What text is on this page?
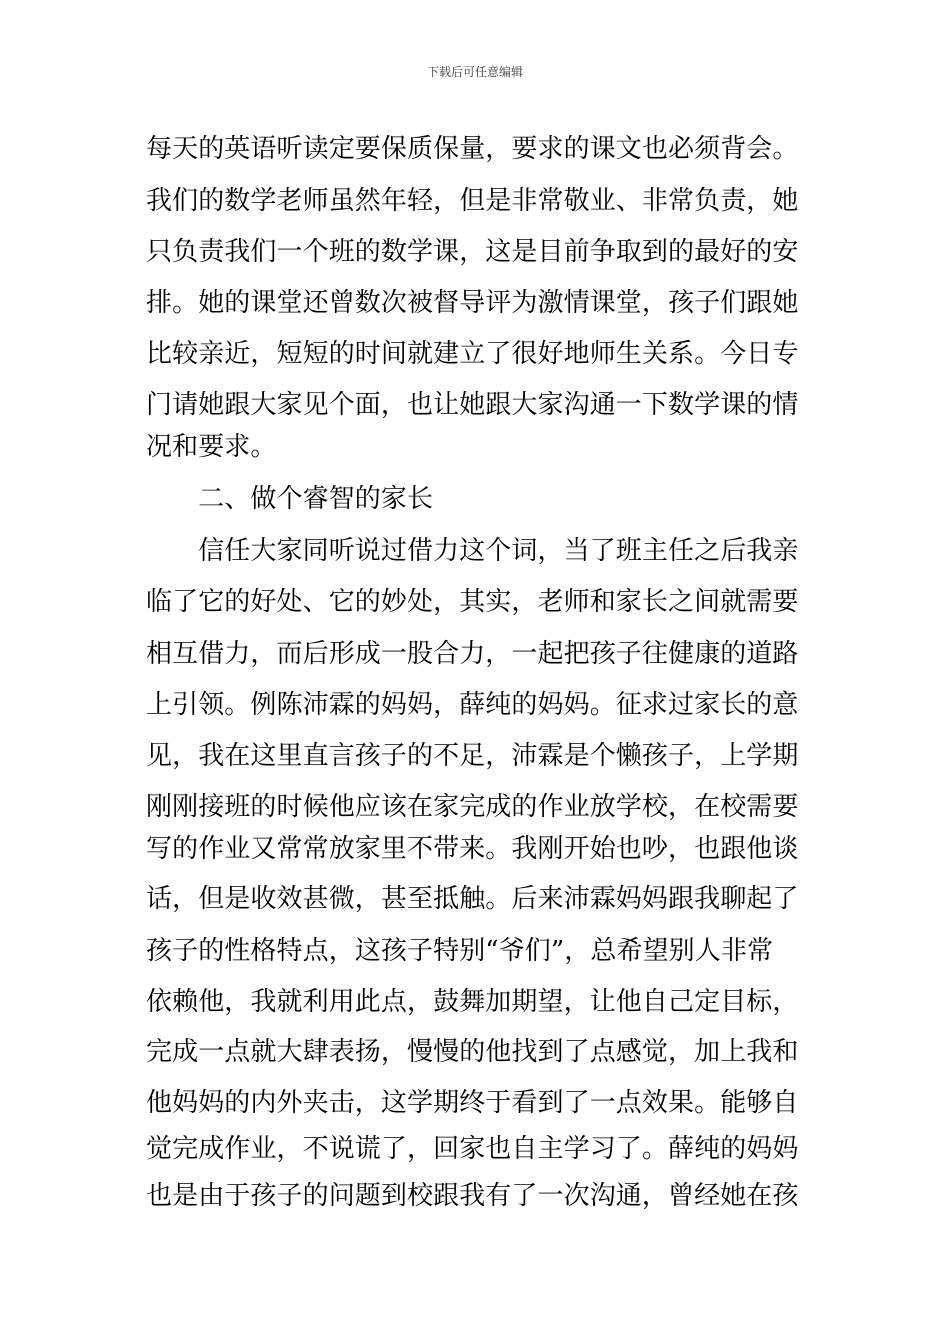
下载后可任意编辑
每天的英语听读定要保质保量，要求的课文也必须背会。
我们的数学老师虽然年轻，但是非常敬业、非常负责，她
只负责我们一个班的数学课，这是目前争取到的最好的安
排。她的课堂还曾数次被督导评为激情课堂，孩子们跟她
比较亲近，短短的时间就建立了很好地师生关系。今日专
门请她跟大家见个面，也让她跟大家沟通一下数学课的情
况和要求。
　　二、做个睿智的家长
　　信任大家同听说过借力这个词，当了班主任之后我亲
临了它的好处、它的妙处，其实，老师和家长之间就需要
相互借力，而后形成一股合力，一起把孩子往健康的道路
上引领。例陈沛霖的妈妈，薛纯的妈妈。征求过家长的意
见，我在这里直言孩子的不足，沛霖是个懒孩子，上学期
刚刚接班的时候他应该在家完成的作业放学校，在校需要
写的作业又常常放家里不带来。我刚开始也吵，也跟他谈
话，但是收效甚微，甚至抵触。后来沛霖妈妈跟我聊起了
孩子的性格特点，这孩子特别“爷们”，总希望别人非常
依赖他，我就利用此点，鼓舞加期望，让他自己定目标，
完成一点就大肆表扬，慢慢的他找到了点感觉，加上我和
他妈妈的内外夹击，这学期终于看到了一点效果。能够自
觉完成作业，不说谎了，回家也自主学习了。薛纯的妈妈
也是由于孩子的问题到校跟我有了一次沟通，曾经她在孩
